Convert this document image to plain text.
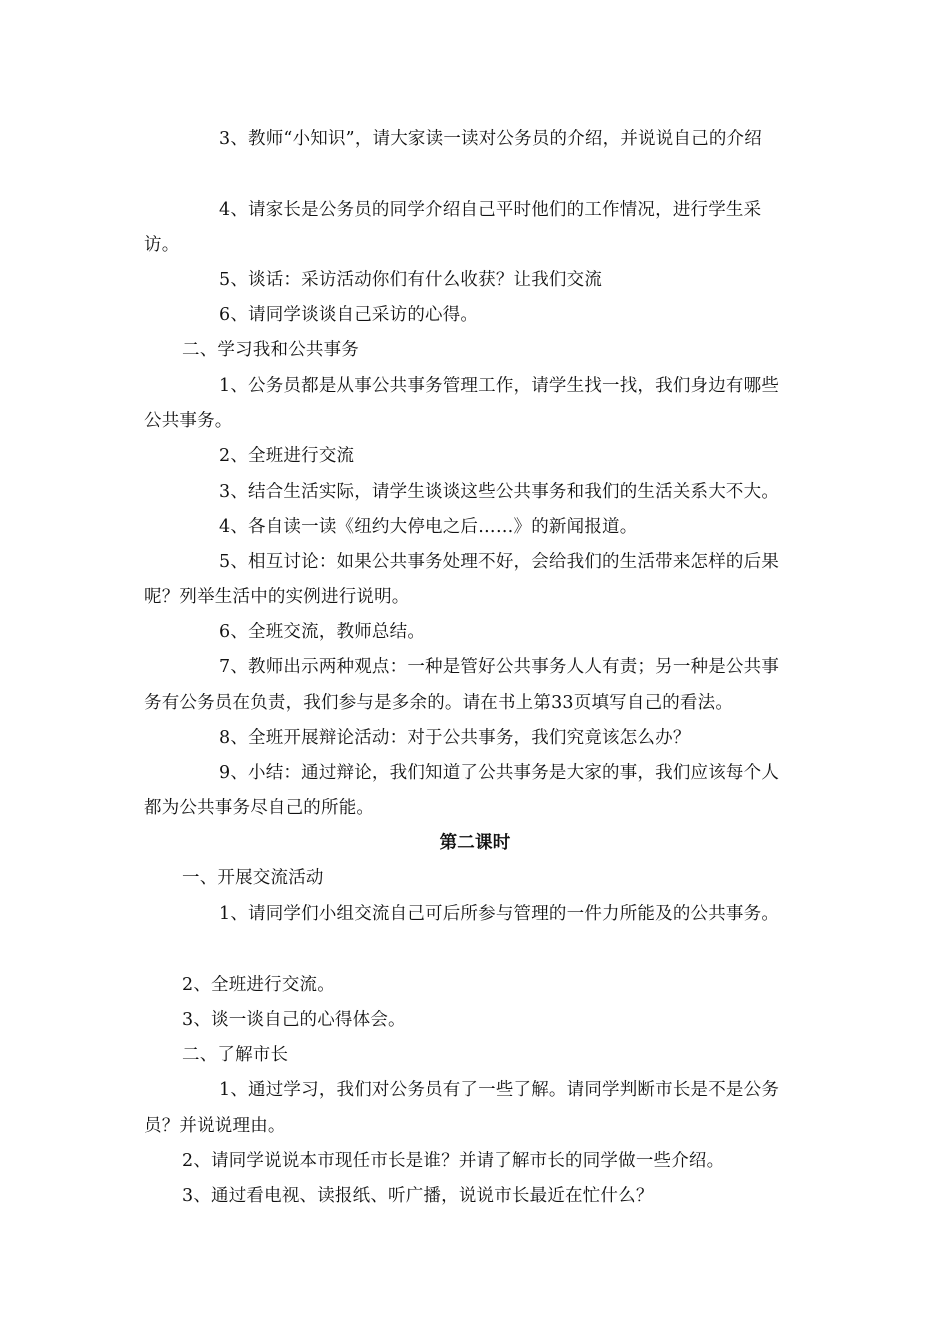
3、教师“小知识”，请大家读一读对公务员的介绍，并说说自己的介绍
4、请家长是公务员的同学介绍自己平时他们的工作情况，进行学生采
访。
5、谈话：采访活动你们有什么收获？让我们交流
6、请同学谈谈自己采访的心得。
二、学习我和公共事务
1、公务员都是从事公共事务管理工作，请学生找一找，我们身边有哪些
公共事务。
2、全班进行交流
3、结合生活实际，请学生谈谈这些公共事务和我们的生活关系大不大。
4、各自读一读《纽约大停电之后……》的新闻报道。
5、相互讨论：如果公共事务处理不好，会给我们的生活带来怎样的后果
呢？列举生活中的实例进行说明。
6、全班交流，教师总结。
7、教师出示两种观点：一种是管好公共事务人人有责；另一种是公共事
务有公务员在负责，我们参与是多余的。请在书上第33页填写自己的看法。
8、全班开展辩论活动：对于公共事务，我们究竟该怎么办？
9、小结：通过辩论，我们知道了公共事务是大家的事，我们应该每个人
都为公共事务尽自己的所能。
第二课时
一、开展交流活动
1、请同学们小组交流自己可后所参与管理的一件力所能及的公共事务。
2、全班进行交流。
3、谈一谈自己的心得体会。
二、了解市长
1、通过学习，我们对公务员有了一些了解。请同学判断市长是不是公务
员？并说说理由。
2、请同学说说本市现任市长是谁？并请了解市长的同学做一些介绍。
3、通过看电视、读报纸、听广播，说说市长最近在忙什么？
